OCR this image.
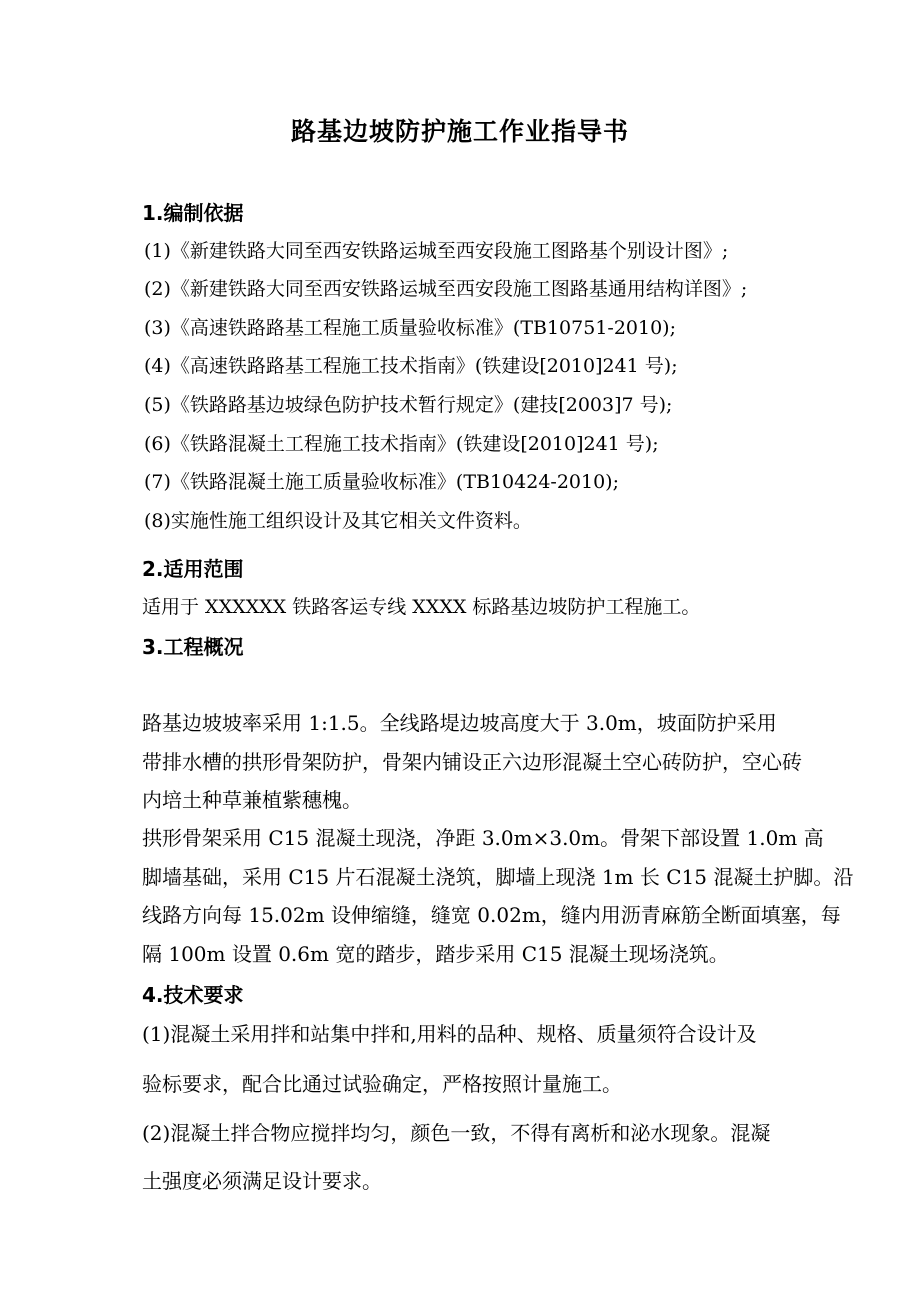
路基边坡防护施工作业指导书
1.编制依据
(1)《新建铁路大同至西安铁路运城至西安段施工图路基个别设计图》;
(2)《新建铁路大同至西安铁路运城至西安段施工图路基通用结构详图》;
(3)《高速铁路路基工程施工质量验收标准》(TB10751-2010);
(4)《高速铁路路基工程施工技术指南》(铁建设[2010]241 号);
(5)《铁路路基边坡绿色防护技术暂行规定》(建技[2003]7 号);
(6)《铁路混凝土工程施工技术指南》(铁建设[2010]241 号);
(7)《铁路混凝土施工质量验收标准》(TB10424-2010);
(8)实施性施工组织设计及其它相关文件资料。
2.适用范围
适用于 XXXXXX 铁路客运专线 XXXX 标路基边坡防护工程施工。
3.工程概况
路基边坡坡率采用 1:1.5。全线路堤边坡高度大于 3.0m，坡面防护采用
带排水槽的拱形骨架防护，骨架内铺设正六边形混凝土空心砖防护，空心砖
内培土种草兼植紫穗槐。
拱形骨架采用 C15 混凝土现浇，净距 3.0m×3.0m。骨架下部设置 1.0m 高
脚墙基础，采用 C15 片石混凝土浇筑，脚墙上现浇 1m 长 C15 混凝土护脚。沿
线路方向每 15.02m 设伸缩缝，缝宽 0.02m，缝内用沥青麻筋全断面填塞，每
隔 100m 设置 0.6m 宽的踏步，踏步采用 C15 混凝土现场浇筑。
4.技术要求
(1)混凝土采用拌和站集中拌和,用料的品种、规格、质量须符合设计及
验标要求，配合比通过试验确定，严格按照计量施工。
(2)混凝土拌合物应搅拌均匀，颜色一致，不得有离析和泌水现象。混凝
土强度必须满足设计要求。
